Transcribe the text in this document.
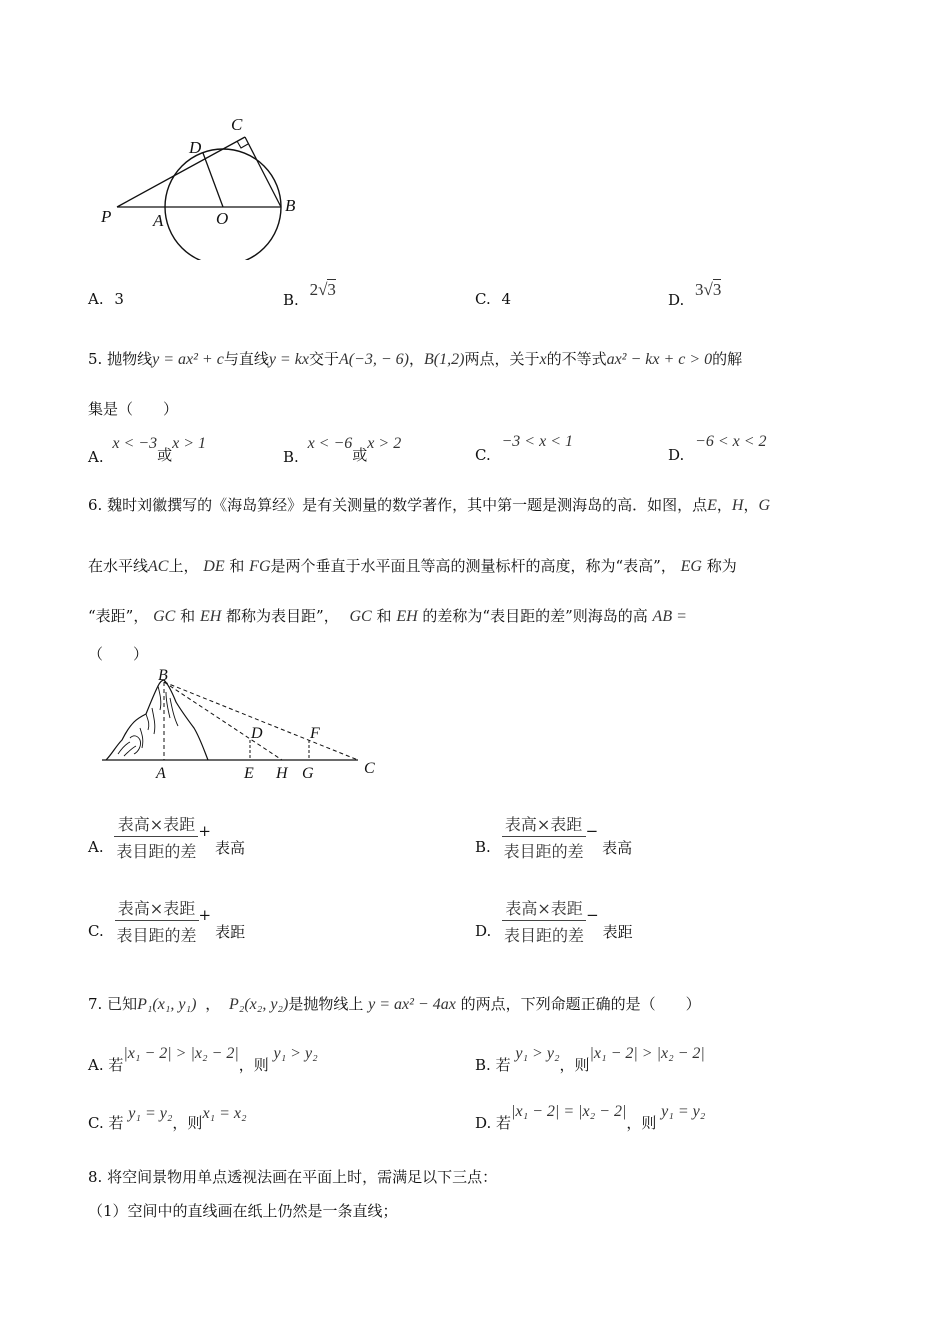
P A	O
B
C
D
A. 3	B. 2√3	C. 4	D. 3√3
5. 抛物线y = ax² + c与直线y = kx交于A(−3, − 6)，B(1,2)两点，关于x的不等式ax² − kx + c > 0的解
集是（　　）
A. x < −3或x > 1
B. x < −6或x > 2
C. −3 < x < 1
D. −6 < x < 2
6. 魏时刘徽撰写的《海岛算经》是有关测量的数学著作，其中第一题是测海岛的高．如图，点E，H，G
在水平线AC上， DE 和 FG是两个垂直于水平面且等高的测量标杆的高度，称为“表高”， EG 称为
“表距”， GC 和 EH 都称为表目距”， GC 和 EH 的差称为“表目距的差”则海岛的高 AB =
（　　）
B
A
D	F
E H G	C
A. $\frac{\text{表高×表距}}{\text{表目距的差}}$ +表高	B. $\frac{\text{表高×表距}}{\text{表目距的差}}$ −表高
C. $\frac{\text{表高×表距}}{\text{表目距的差}}$ +表距	D. $\frac{\text{表高×表距}}{\text{表目距的差}}$ −表距
7. 已知P₁(x₁, y₁) ， P₂(x₂, y₂)是抛物线上 y = ax² − 4ax 的两点，下列命题正确的是（　　）
A. 若|x₁ − 2| > |x₂ − 2|，则 y₁ > y₂
B. 若 y₁ > y₂，则|x₁ − 2| > |x₂ − 2|
C. 若 y₁ = y₂，则x₁ = x₂
D. 若|x₁ − 2| = |x₂ − 2|，则 y₁ = y₂
8. 将空间景物用单点透视法画在平面上时，需满足以下三点：
（1）空间中的直线画在纸上仍然是一条直线；
